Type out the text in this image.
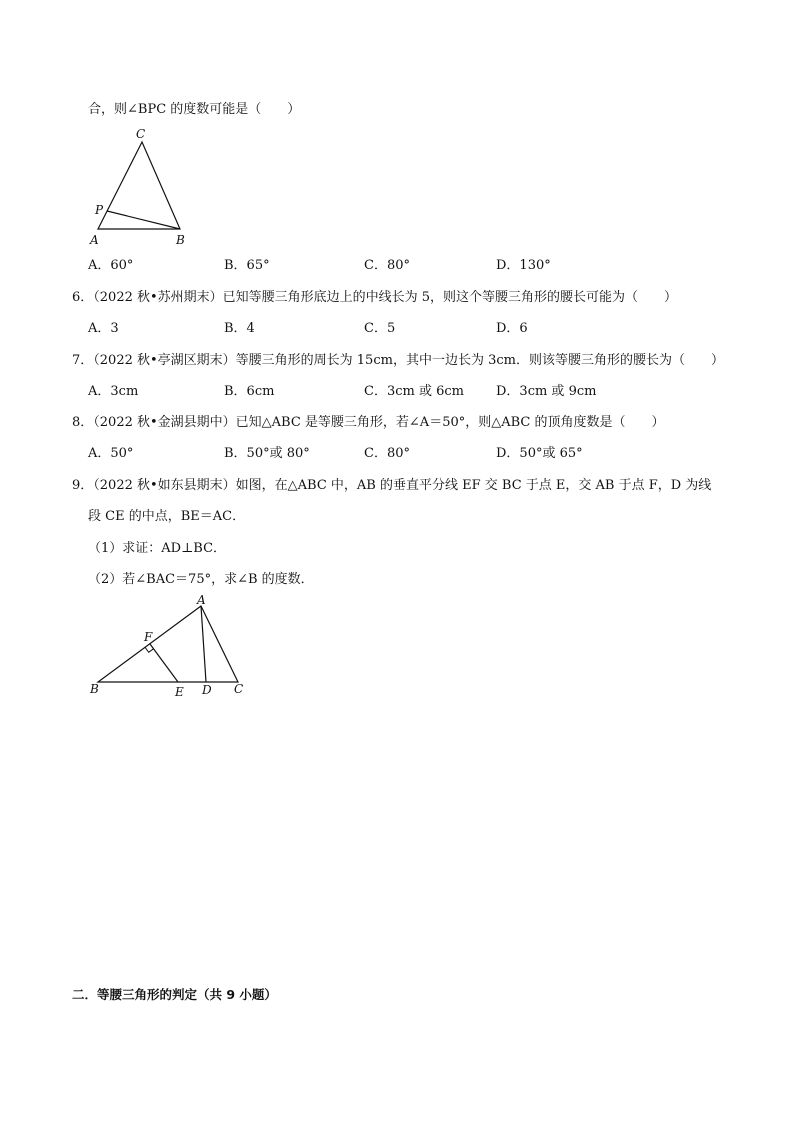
合，则∠BPC 的度数可能是（　　）
C
P
A	B
A．60°	B．65°	C．80°	D．130°
6．（2022 秋•苏州期末）已知等腰三角形底边上的中线长为 5，则这个等腰三角形的腰长可能为（　　）
A．3	B．4	C．5	D．6
7．（2022 秋•亭湖区期末）等腰三角形的周长为 15cm，其中一边长为 3cm．则该等腰三角形的腰长为（　　）
A．3cm	B．6cm	C．3cm 或 6cm D．3cm 或 9cm
8．（2022 秋•金湖县期中）已知△ABC 是等腰三角形，若∠A＝50°，则△ABC 的顶角度数是（　　）
A．50°	B．50°或 80°	C．80°	D．50°或 65°
9．（2022 秋•如东县期末）如图，在△ABC 中，AB 的垂直平分线 EF 交 BC 于点 E，交 AB 于点 F，D 为线
段 CE 的中点，BE＝AC．
（1）求证：AD⊥BC．
（2）若∠BAC＝75°，求∠B 的度数．
A
F
B	E D C
二．等腰三角形的判定（共 9 小题）
